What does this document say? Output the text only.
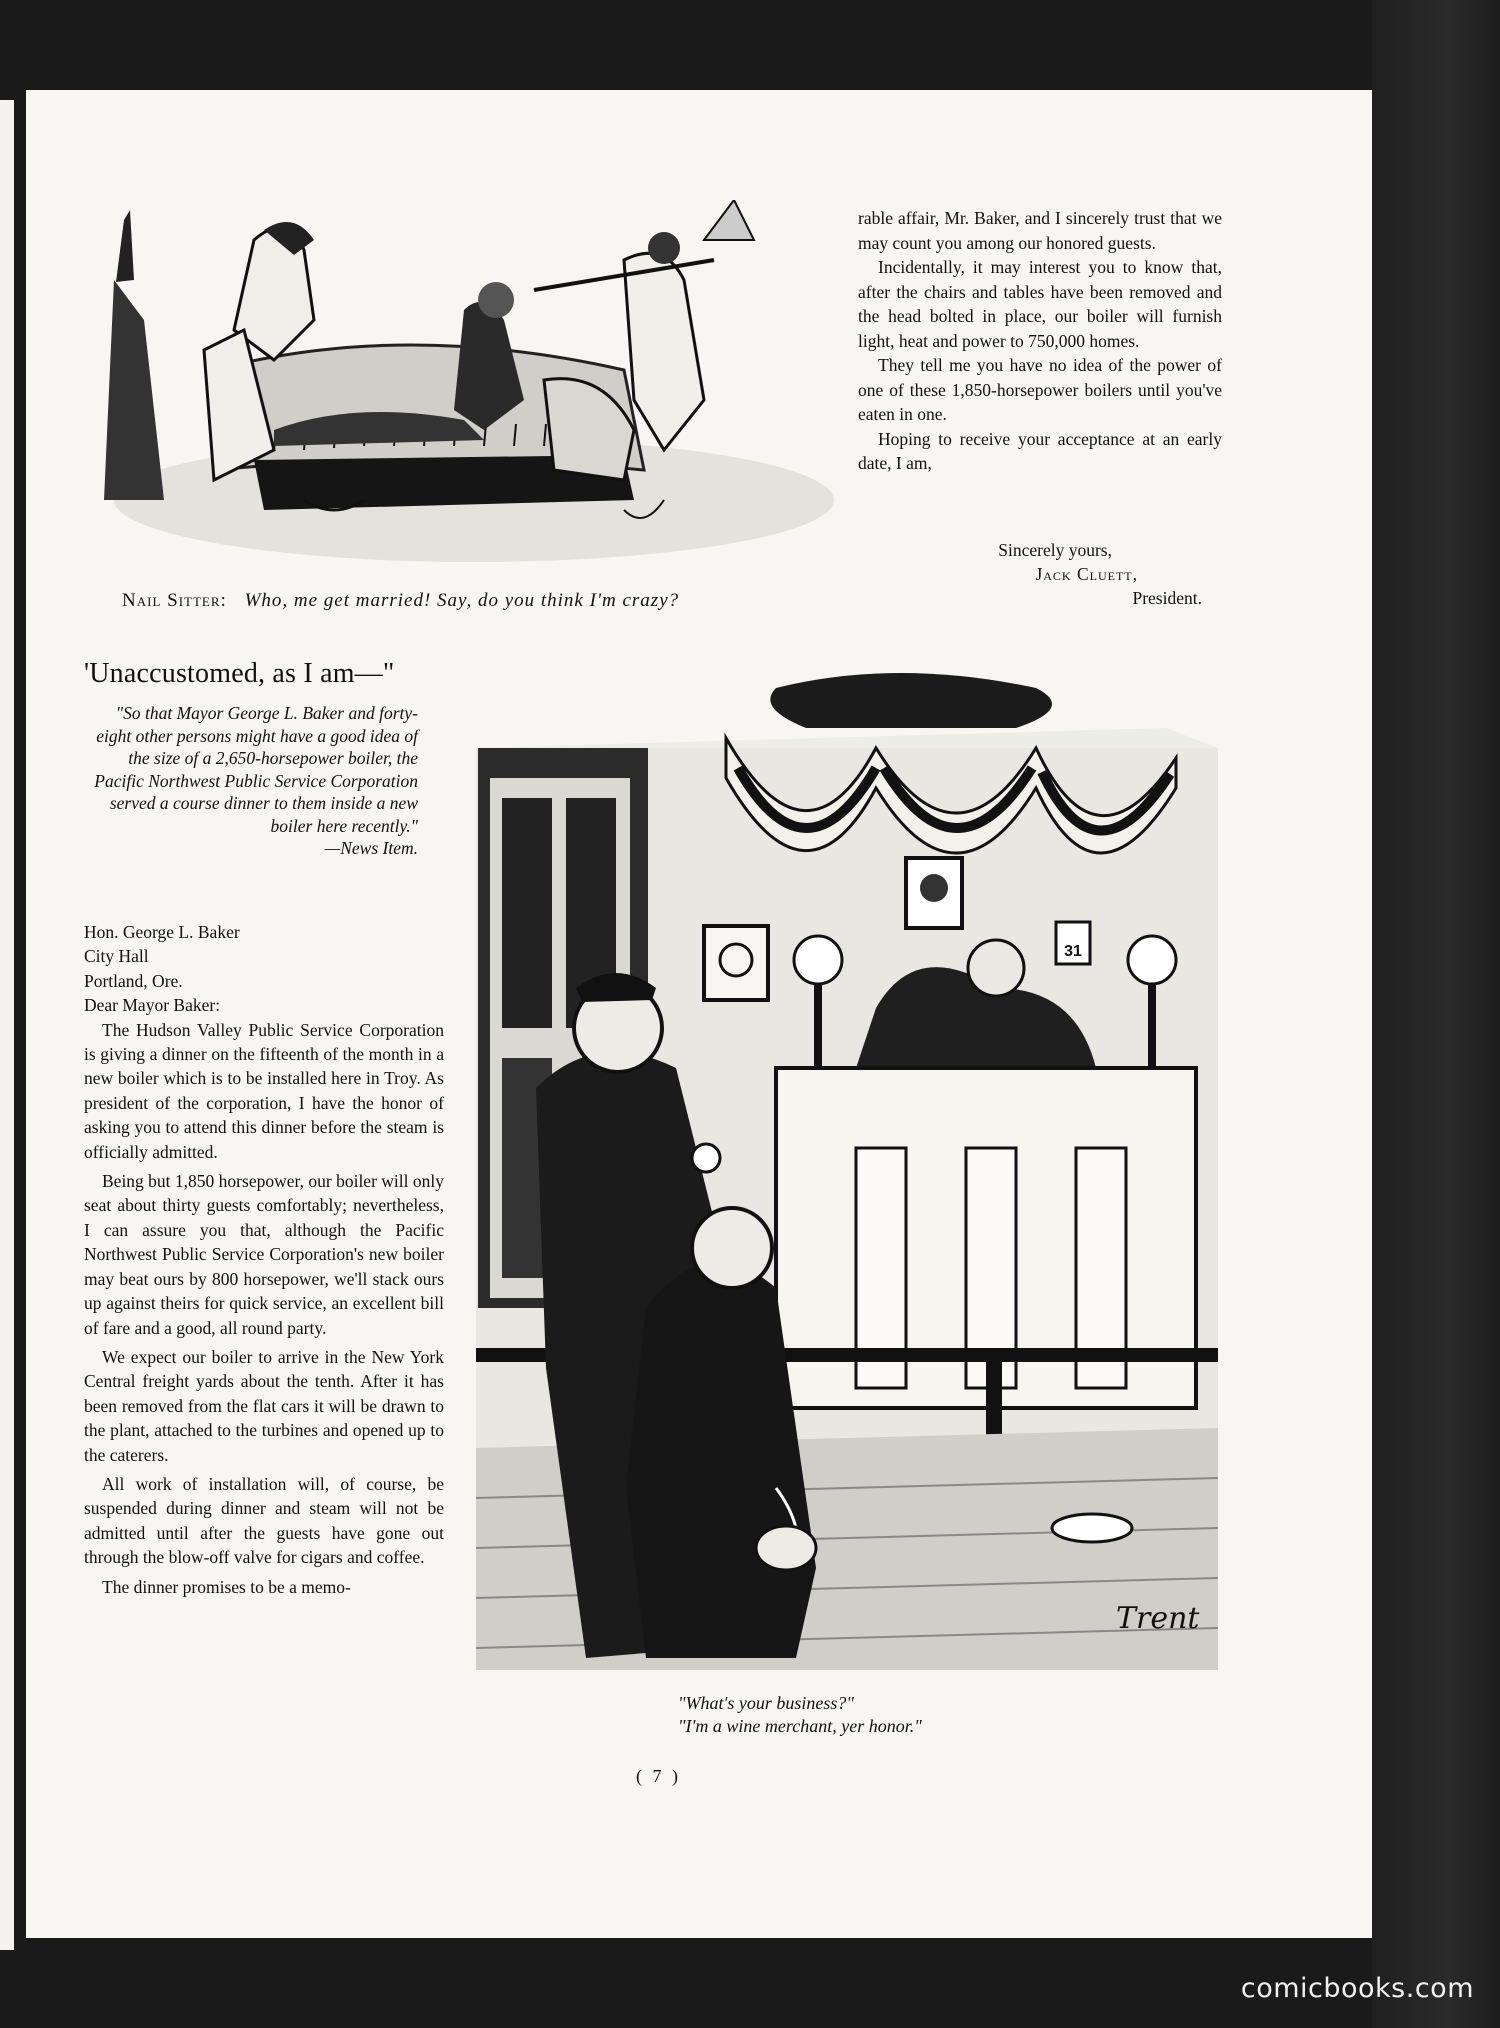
Nail Sitter: Who, me get married! Say, do you think I'm crazy?

rable affair, Mr. Baker, and I sincerely trust that we may count you among our honored guests.

Incidentally, it may interest you to know that, after the chairs and tables have been removed and the head bolted in place, our boiler will furnish light, heat and power to 750,000 homes.

They tell me you have no idea of the power of one of these 1,850-horsepower boilers until you've eaten in one.

Hoping to receive your acceptance at an early date, I am,

Sincerely yours,
Jack Cluett,
President.
'Unaccustomed, as I am—"
"So that Mayor George L. Baker and forty-eight other persons might have a good idea of the size of a 2,650-horsepower boiler, the Pacific Northwest Public Service Corporation served a course dinner to them inside a new boiler here recently."
—News Item.
Hon. George L. Baker
City Hall
Portland, Ore.
Dear Mayor Baker:

The Hudson Valley Public Service Corporation is giving a dinner on the fifteenth of the month in a new boiler which is to be installed here in Troy. As president of the corporation, I have the honor of asking you to attend this dinner before the steam is officially admitted.

Being but 1,850 horsepower, our boiler will only seat about thirty guests comfortably; nevertheless, I can assure you that, although the Pacific Northwest Public Service Corporation's new boiler may beat ours by 800 horsepower, we'll stack ours up against theirs for quick service, an excellent bill of fare and a good, all round party.

We expect our boiler to arrive in the New York Central freight yards about the tenth. After it has been removed from the flat cars it will be drawn to the plant, attached to the turbines and opened up to the caterers.

All work of installation will, of course, be suspended during dinner and steam will not be admitted until after the guests have gone out through the blow-off valve for cigars and coffee.

The dinner promises to be a memo-

31
Trent
"What's your business?"
"I'm a wine merchant, yer honor."
( 7 )
comicbooks.com
